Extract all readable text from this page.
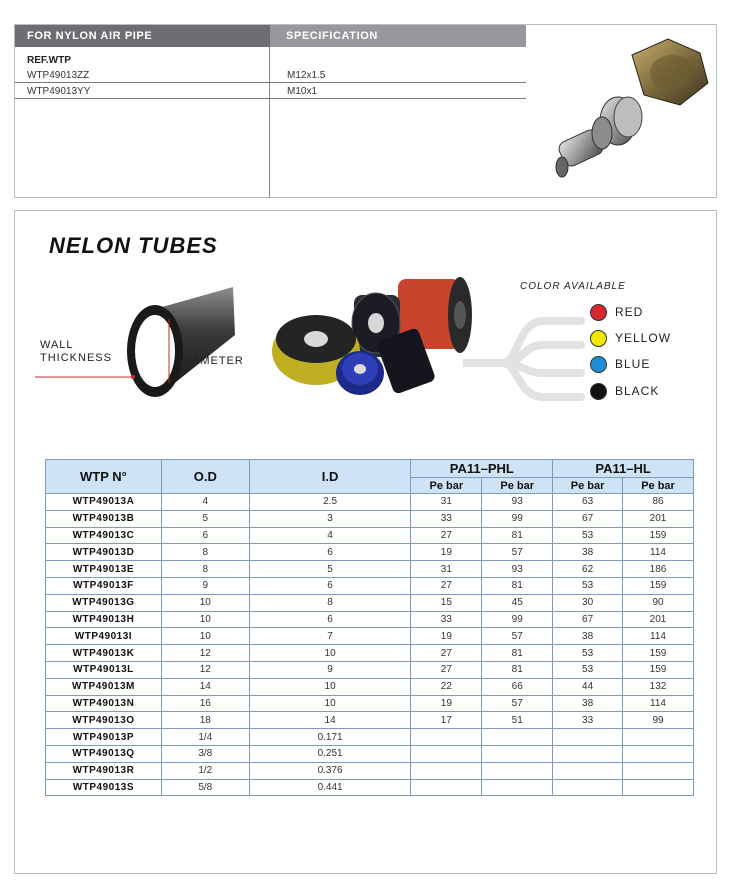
FOR NYLON AIR PIPE	SPECIFICATION
REF.WTP
WTP49013ZZ	M12x1.5
WTP49013YY	M10x1
NELON TUBES
WALL
THICKNESS	DIAMETER
COLOR AVAILABLE
RED
YELLOW
BLUE
BLACK
WTP N°	O.D	I.D	PA11–PHL		PA11–HL	
			Pe bar	Pe bar	Pe bar	Pe bar
WTP49013A	4	2.5	31	93	63	86
WTP49013B	5	3	33	99	67	201
WTP49013C	6	4	27	81	53	159
WTP49013D	8	6	19	57	38	114
WTP49013E	8	5	31	93	62	186
WTP49013F	9	6	27	81	53	159
WTP49013G	10	8	15	45	30	90
WTP49013H	10	6	33	99	67	201
WTP49013I	10	7	19	57	38	114
WTP49013K	12	10	27	81	53	159
WTP49013L	12	9	27	81	53	159
WTP49013M	14	10	22	66	44	132
WTP49013N	16	10	19	57	38	114
WTP49013O	18	14	17	51	33	99
WTP49013P	1/4	0.171				
WTP49013Q	3/8	0.251				
WTP49013R	1/2	0.376				
WTP49013S	5/8	0.441				
